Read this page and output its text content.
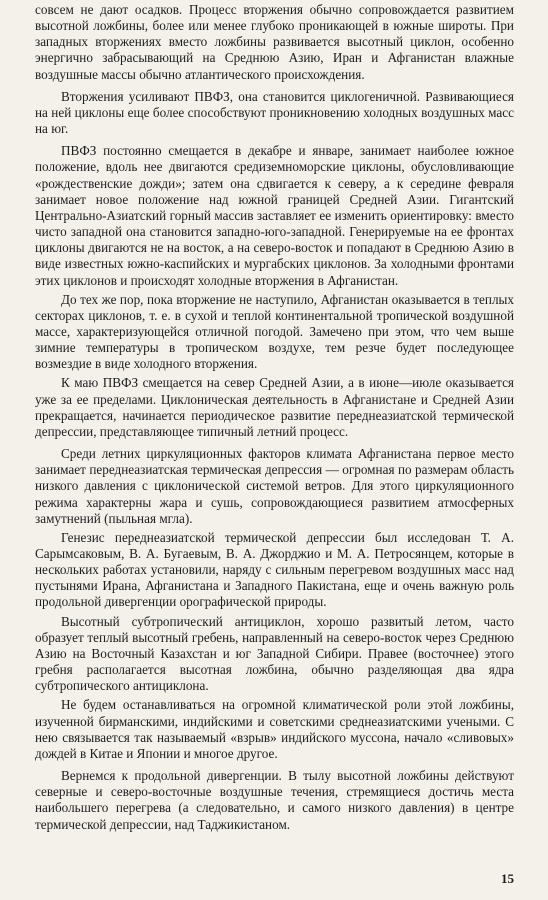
совсем не дают осадков. Процесс вторжения обычно сопровождается развитием высотной ложбины, более или менее глубоко проникающей в южные широты. При западных вторжениях вместо ложбины развивается высотный циклон, особенно энергично забрасывающий на Среднюю Азию, Иран и Афганистан влажные воздушные массы обычно атлантического происхождения.

Вторжения усиливают ПВФЗ, она становится циклогеничной. Развивающиеся на ней циклоны еще более способствуют проникновению холодных воздушных масс на юг.

ПВФЗ постоянно смещается в декабре и январе, занимает наиболее южное положение, вдоль нее двигаются средиземноморские циклоны, обусловливающие «рождественские дожди»; затем она сдвигается к северу, а к середине февраля занимает новое положение над южной границей Средней Азии. Гигантский Центрально-Азиатский горный массив заставляет ее изменить ориентировку: вместо чисто западной она становится западно-юго-западной. Генерируемые на ее фронтах циклоны двигаются не на восток, а на северо-восток и попадают в Среднюю Азию в виде известных южно-каспийских и мургабских циклонов. За холодными фронтами этих циклонов и происходят холодные вторжения в Афганистан.

До тех же пор, пока вторжение не наступило, Афганистан оказывается в теплых секторах циклонов, т. е. в сухой и теплой континентальной тропической воздушной массе, характеризующейся отличной погодой. Замечено при этом, что чем выше зимние температуры в тропическом воздухе, тем резче будет последующее возмездие в виде холодного вторжения.

К маю ПВФЗ смещается на север Средней Азии, а в июне—июле оказывается уже за ее пределами. Циклоническая деятельность в Афганистане и Средней Азии прекращается, начинается периодическое развитие переднеазиатской термической депрессии, представляющее типичный летний процесс.

Среди летних циркуляционных факторов климата Афганистана первое место занимает переднеазиатская термическая депрессия — огромная по размерам область низкого давления с циклонической системой ветров. Для этого циркуляционного режима характерны жара и сушь, сопровождающиеся развитием атмосферных замутнений (пыльная мгла).

Генезис переднеазиатской термической депрессии был исследован Т. А. Сарымсаковым, В. А. Бугаевым, В. А. Джорджио и М. А. Петросянцем, которые в нескольких работах установили, наряду с сильным перегревом воздушных масс над пустынями Ирана, Афганистана и Западного Пакистана, еще и очень важную роль продольной дивергенции орографической природы.

Высотный субтропический антициклон, хорошо развитый летом, часто образует теплый высотный гребень, направленный на северо-восток через Среднюю Азию на Восточный Казахстан и юг Западной Сибири. Правее (восточнее) этого гребня располагается высотная ложбина, обычно разделяющая два ядра субтропического антициклона.

Не будем останавливаться на огромной климатической роли этой ложбины, изученной бирманскими, индийскими и советскими среднеазиатскими учеными. С нею связывается так называемый «взрыв» индийского муссона, начало «сливовых» дождей в Китае и Японии и многое другое.

Вернемся к продольной дивергенции. В тылу высотной ложбины действуют северные и северо-восточные воздушные течения, стремящиеся достичь места наибольшего перегрева (а следовательно, и самого низкого давления) в центре термической депрессии, над Таджикистаном.

15
